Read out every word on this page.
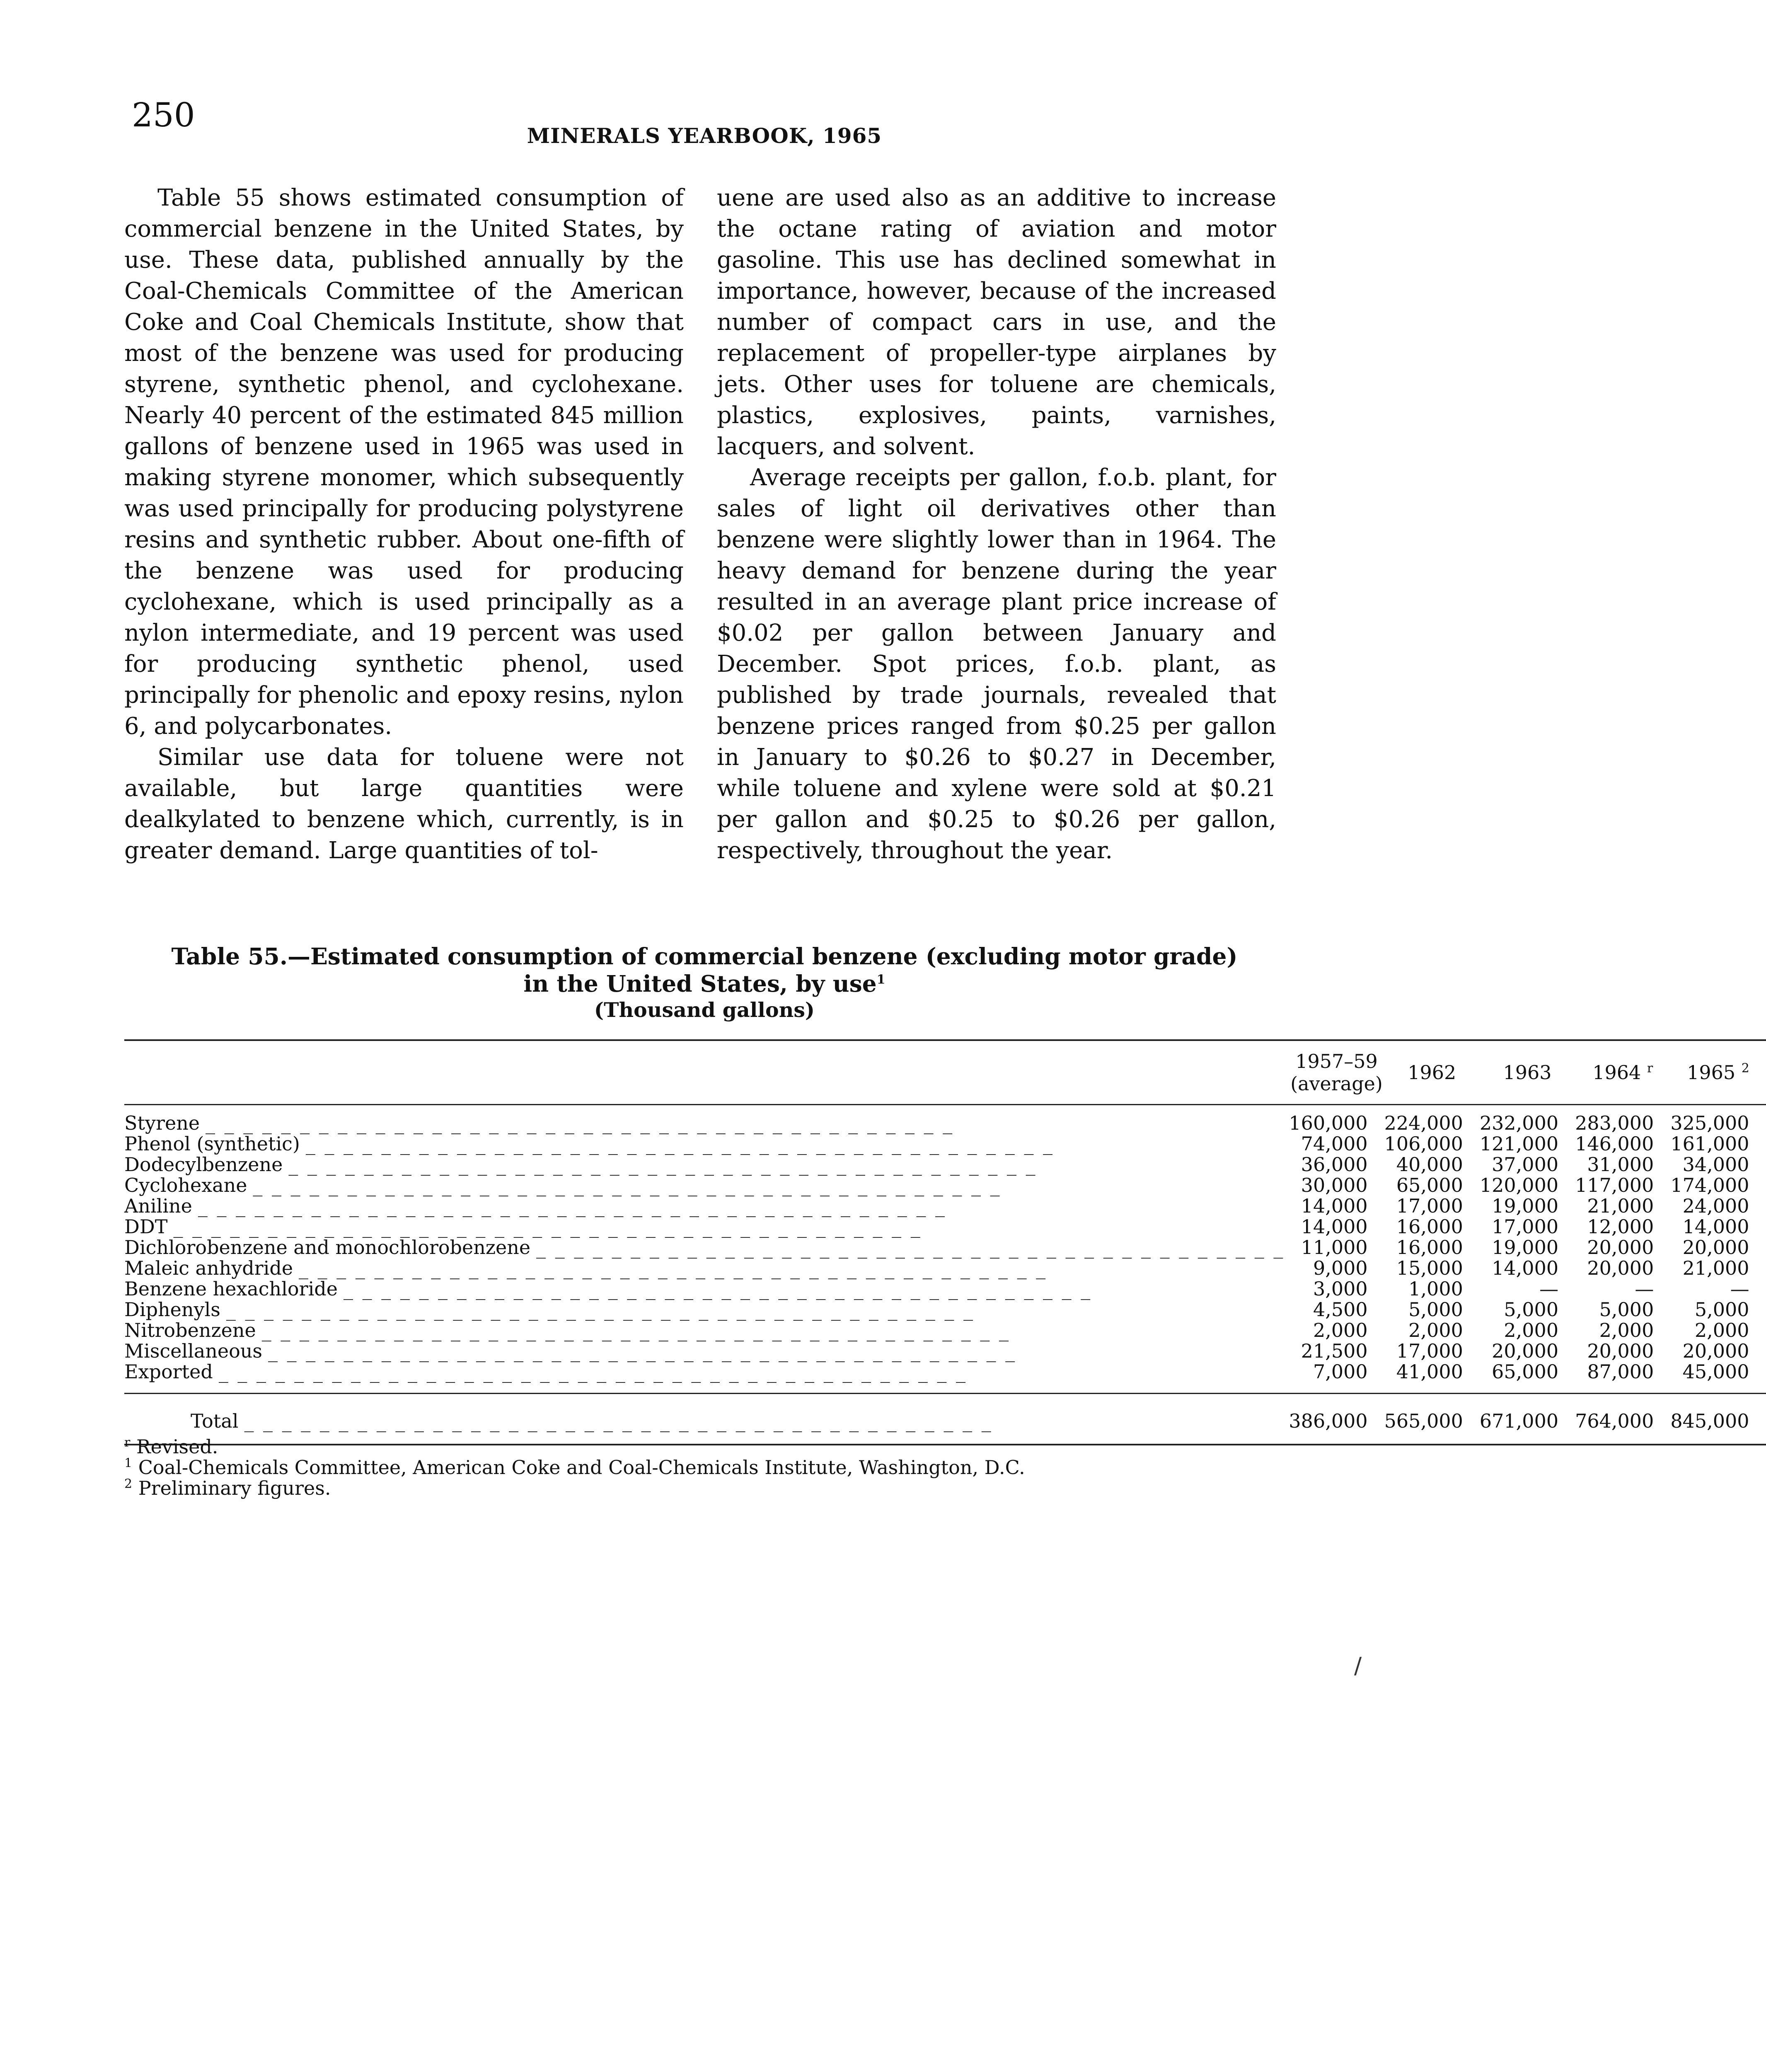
250
MINERALS YEARBOOK, 1965

Table 55 shows estimated consumption of commercial benzene in the United States, by use. These data, published annually by the Coal-Chemicals Committee of the American Coke and Coal Chemicals Institute, show that most of the benzene was used for producing styrene, synthetic phenol, and cyclohexane. Nearly 40 percent of the estimated 845 million gallons of benzene used in 1965 was used in making styrene monomer, which subsequently was used principally for producing polystyrene resins and synthetic rubber. About one-fifth of the benzene was used for producing cyclohexane, which is used principally as a nylon intermediate, and 19 percent was used for producing synthetic phenol, used principally for phenolic and epoxy resins, nylon 6, and polycarbonates.

Similar use data for toluene were not available, but large quantities were dealkylated to benzene which, currently, is in greater demand. Large quantities of tol-

uene are used also as an additive to increase the octane rating of aviation and motor gasoline. This use has declined somewhat in importance, however, because of the increased number of compact cars in use, and the replacement of propeller-type airplanes by jets. Other uses for toluene are chemicals, plastics, explosives, paints, varnishes, lacquers, and solvent.

Average receipts per gallon, f.o.b. plant, for sales of light oil derivatives other than benzene were slightly lower than in 1964. The heavy demand for benzene during the year resulted in an average plant price increase of $0.02 per gallon between January and December. Spot prices, f.o.b. plant, as published by trade journals, revealed that benzene prices ranged from $0.25 per gallon in January to $0.26 to $0.27 in December, while toluene and xylene were sold at $0.21 per gallon and $0.25 to $0.26 per gallon, respectively, throughout the year.

Table 55.—Estimated consumption of commercial benzene (excluding motor grade)
in the United States, by use$^1$
(Thousand gallons)
	1957–59
(average)	1962	1963	1964 $^r$	1965 $^2$

Styrene _ _ _ _ _ _ _ _ _ _ _ _ _ _ _ _ _ _ _ _ _ _ _ _ _ _ _ _ _ _ _ _ _ _ _ _ _ _ _ _	160,000	224,000	232,000	283,000	325,000

Phenol (synthetic) _ _ _ _ _ _ _ _ _ _ _ _ _ _ _ _ _ _ _ _ _ _ _ _ _ _ _ _ _ _ _ _ _ _ _ _ _ _ _ _	74,000	106,000	121,000	146,000	161,000

Dodecylbenzene _ _ _ _ _ _ _ _ _ _ _ _ _ _ _ _ _ _ _ _ _ _ _ _ _ _ _ _ _ _ _ _ _ _ _ _ _ _ _ _	36,000	40,000	37,000	31,000	34,000

Cyclohexane _ _ _ _ _ _ _ _ _ _ _ _ _ _ _ _ _ _ _ _ _ _ _ _ _ _ _ _ _ _ _ _ _ _ _ _ _ _ _ _	30,000	65,000	120,000	117,000	174,000

Aniline _ _ _ _ _ _ _ _ _ _ _ _ _ _ _ _ _ _ _ _ _ _ _ _ _ _ _ _ _ _ _ _ _ _ _ _ _ _ _ _	14,000	17,000	19,000	21,000	24,000

DDT _ _ _ _ _ _ _ _ _ _ _ _ _ _ _ _ _ _ _ _ _ _ _ _ _ _ _ _ _ _ _ _ _ _ _ _ _ _ _ _	14,000	16,000	17,000	12,000	14,000

Dichlorobenzene and monochlorobenzene _ _ _ _ _ _ _ _ _ _ _ _ _ _ _ _ _ _ _ _ _ _ _ _ _ _ _ _ _ _ _ _ _ _ _ _ _ _ _ _	11,000	16,000	19,000	20,000	20,000

Maleic anhydride _ _ _ _ _ _ _ _ _ _ _ _ _ _ _ _ _ _ _ _ _ _ _ _ _ _ _ _ _ _ _ _ _ _ _ _ _ _ _ _	9,000	15,000	14,000	20,000	21,000

Benzene hexachloride _ _ _ _ _ _ _ _ _ _ _ _ _ _ _ _ _ _ _ _ _ _ _ _ _ _ _ _ _ _ _ _ _ _ _ _ _ _ _ _	3,000	1,000	—	—	—

Diphenyls _ _ _ _ _ _ _ _ _ _ _ _ _ _ _ _ _ _ _ _ _ _ _ _ _ _ _ _ _ _ _ _ _ _ _ _ _ _ _ _	4,500	5,000	5,000	5,000	5,000

Nitrobenzene _ _ _ _ _ _ _ _ _ _ _ _ _ _ _ _ _ _ _ _ _ _ _ _ _ _ _ _ _ _ _ _ _ _ _ _ _ _ _ _	2,000	2,000	2,000	2,000	2,000

Miscellaneous _ _ _ _ _ _ _ _ _ _ _ _ _ _ _ _ _ _ _ _ _ _ _ _ _ _ _ _ _ _ _ _ _ _ _ _ _ _ _ _	21,500	17,000	20,000	20,000	20,000

Exported _ _ _ _ _ _ _ _ _ _ _ _ _ _ _ _ _ _ _ _ _ _ _ _ _ _ _ _ _ _ _ _ _ _ _ _ _ _ _ _	7,000	41,000	65,000	87,000	45,000

Total _ _ _ _ _ _ _ _ _ _ _ _ _ _ _ _ _ _ _ _ _ _ _ _ _ _ _ _ _ _ _ _ _ _ _ _ _ _ _ _	386,000	565,000	671,000	764,000	845,000
$^r$ Revised.
$^1$ Coal-Chemicals Committee, American Coke and Coal-Chemicals Institute, Washington, D.C.
$^2$ Preliminary figures.
/
